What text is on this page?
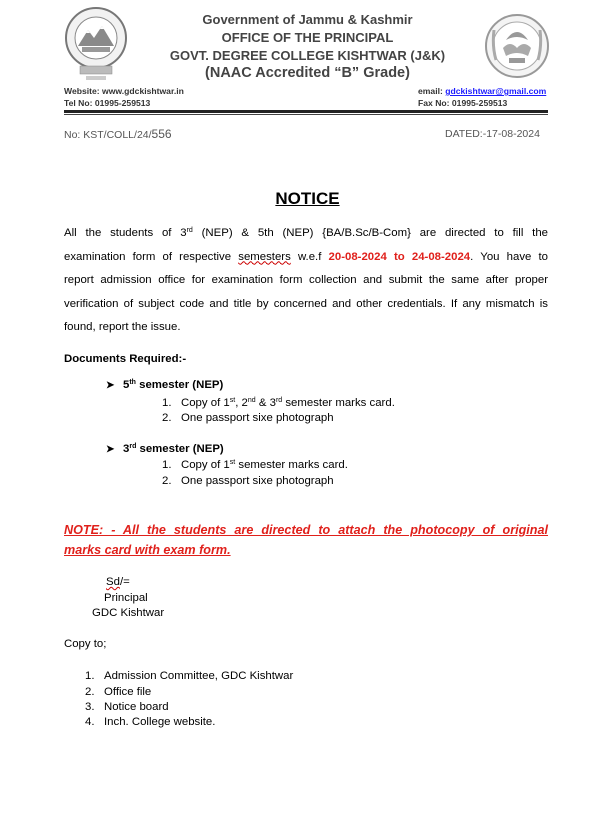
Government of Jammu & Kashmir
OFFICE OF THE PRINCIPAL
GOVT. DEGREE COLLEGE KISHTWAR (J&K)
(NAAC Accredited “B” Grade)
Website: www.gdckishtwar.in
Tel No: 01995-259513
email: gdckishtwar@gmail.com
Fax No: 01995-259513
No: KST/COLL/24/556	DATED:-17-08-2024
NOTICE
All the students of 3rd (NEP) & 5th (NEP) {BA/B.Sc/B-Com} are directed to fill the
examination form of respective semesters w.e.f 20-08-2024 to 24-08-2024. You have to
report admission office for examination form collection and submit the same after proper
verification of subject code and title by concerned and other credentials. If any mismatch is
found, report the issue.
Documents Required:-
➤ 5th semester (NEP)
1. Copy of 1st, 2nd & 3rd semester marks card.
2. One passport sixe photograph
➤ 3rd semester (NEP)
1. Copy of 1st semester marks card.
2. One passport sixe photograph
NOTE: - All the students are directed to attach the photocopy of original
marks card with exam form.
Sd/=
Principal
GDC Kishtwar
Copy to;
1. Admission Committee, GDC Kishtwar
2. Office file
3. Notice board
4. Inch. College website.
